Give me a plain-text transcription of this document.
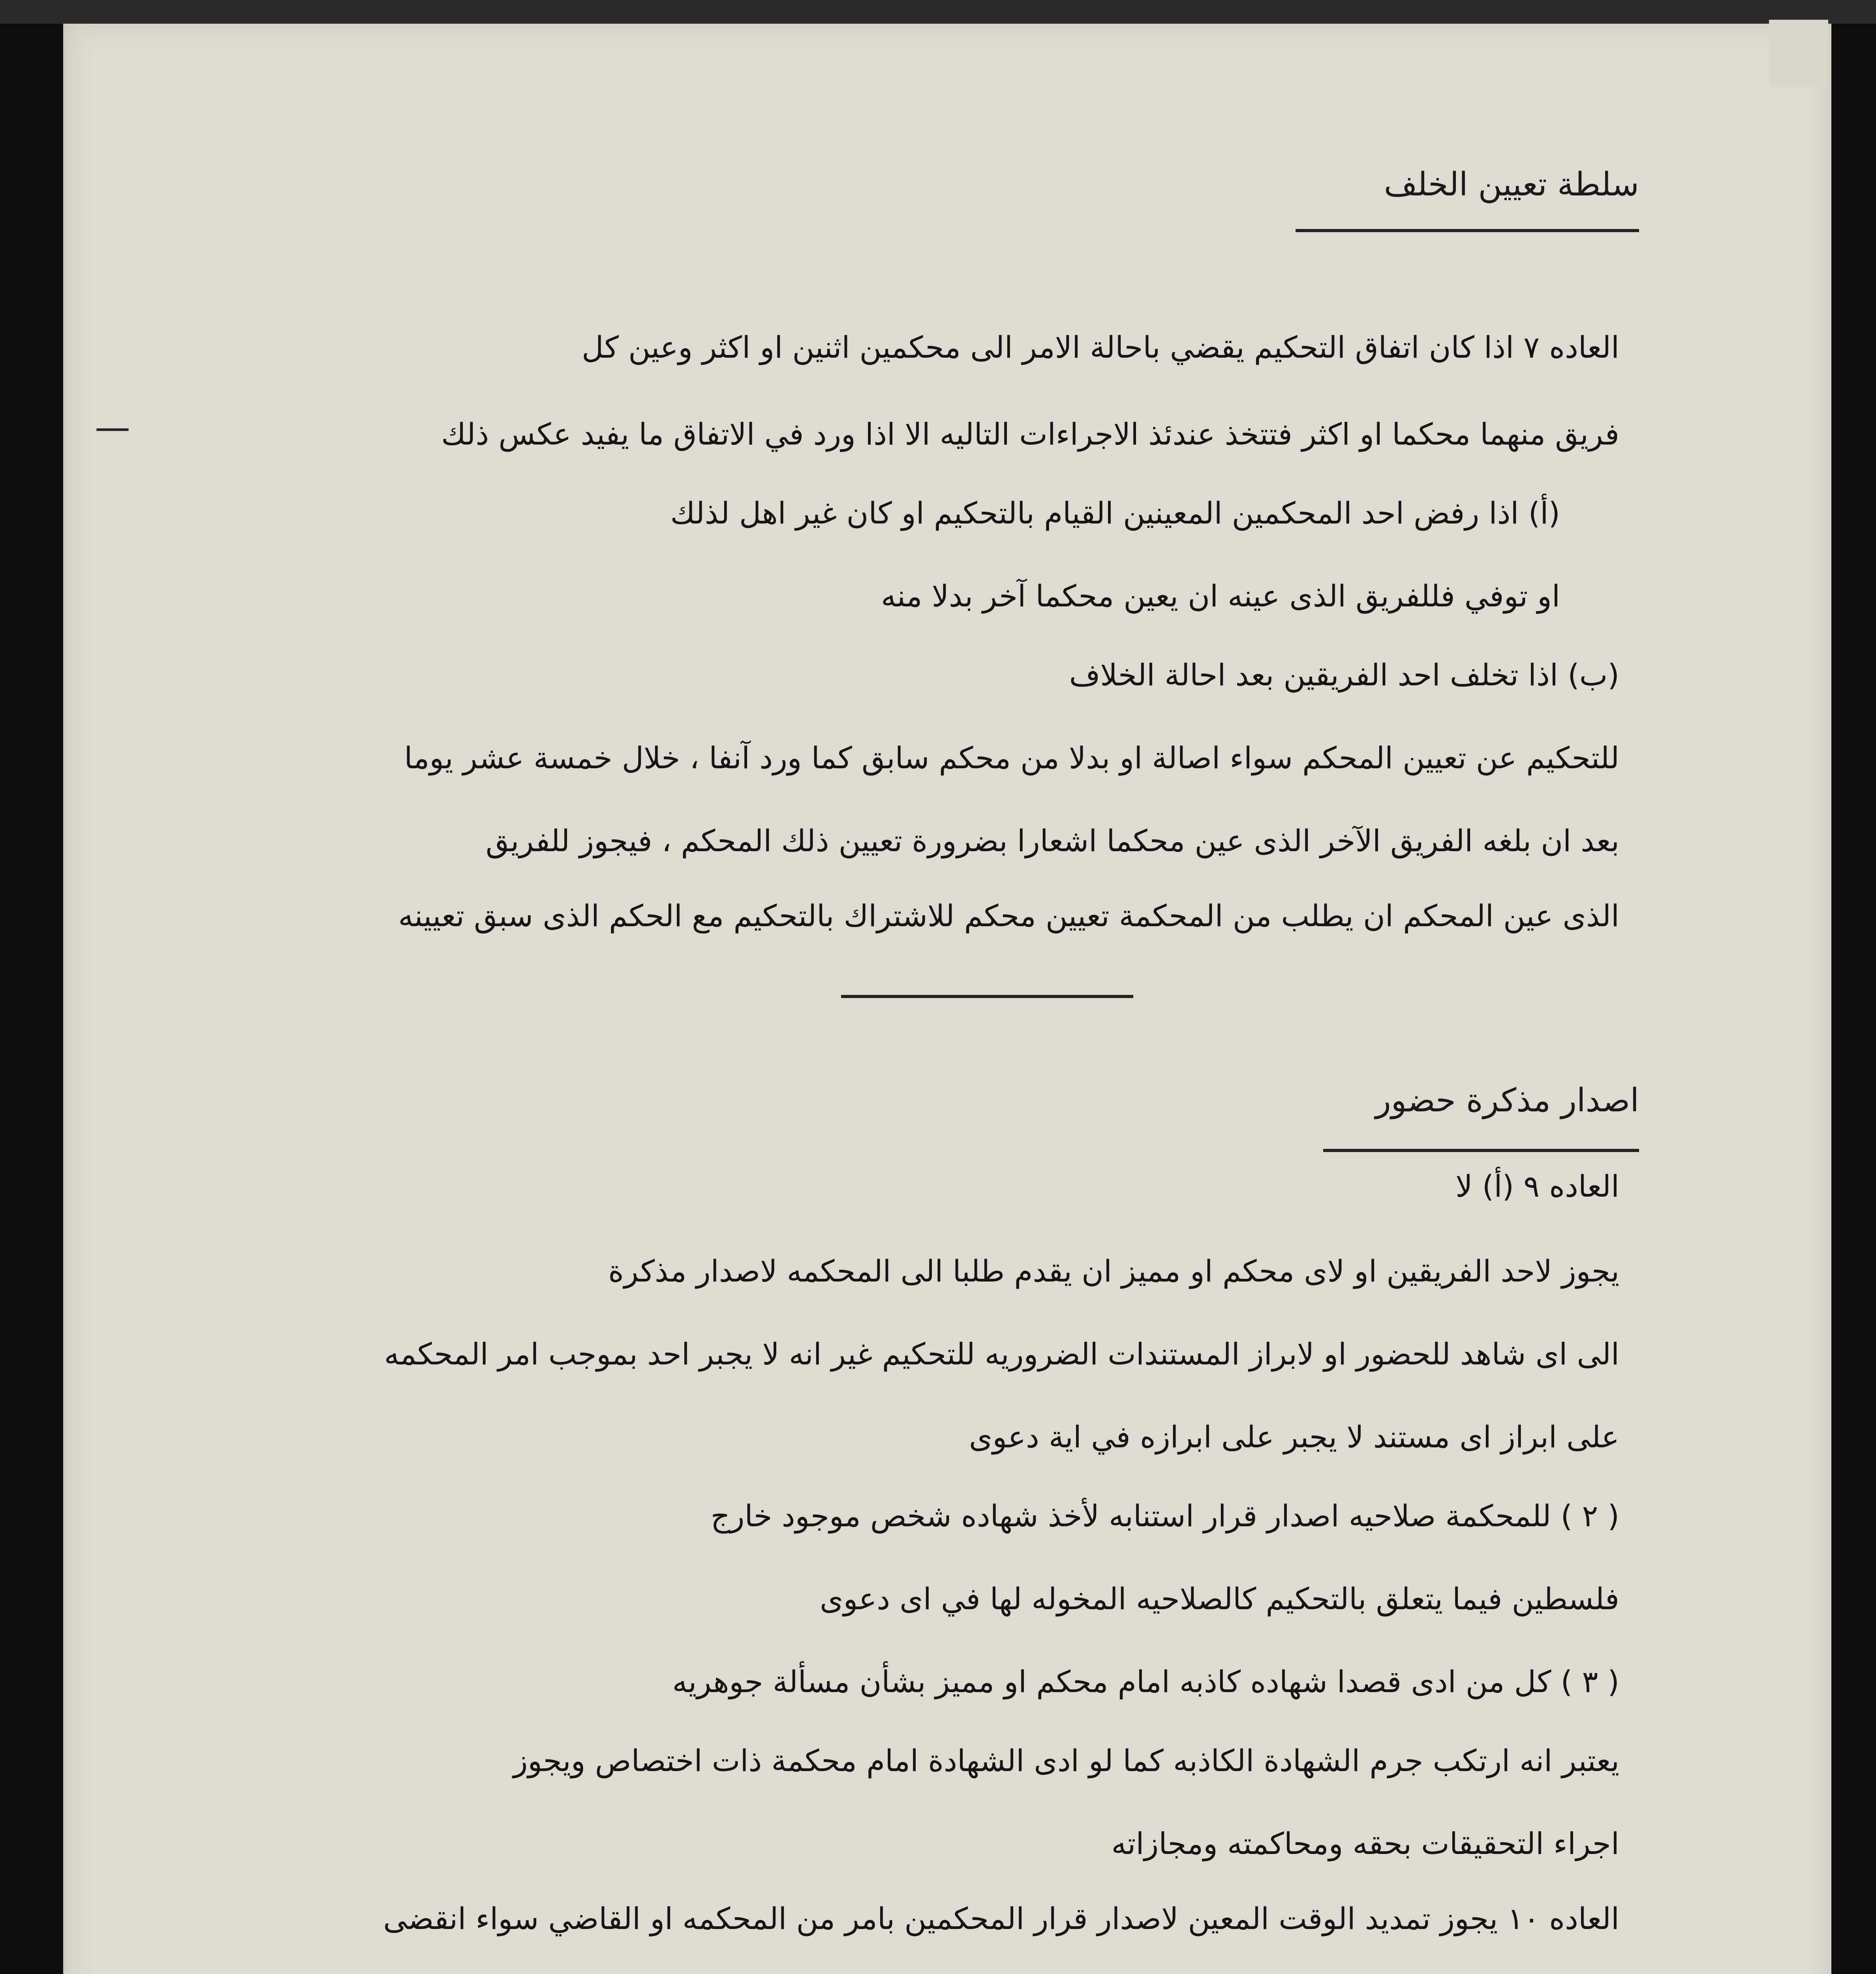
سلطة تعيين الخلف
العاده ٧ اذا كان اتفاق التحكيم يقضي باحالة الامر الى محكمين اثنين او اكثر وعين كل
فريق منهما محكما او اكثر فتتخذ عندئذ الاجراءات التاليه الا اذا ورد في الاتفاق ما يفيد عكس ذلك
—
(أ) اذا رفض احد المحكمين المعينين القيام بالتحكيم او كان غير اهل لذلك
او توفي فللفريق الذى عينه ان يعين محكما آخر بدلا منه
(ب) اذا تخلف احد الفريقين بعد احالة الخلاف
للتحكيم عن تعيين المحكم سواء اصالة او بدلا من محكم سابق كما ورد آنفا ، خلال خمسة عشر يوما
بعد ان بلغه الفريق الآخر الذى عين محكما اشعارا بضرورة تعيين ذلك المحكم ، فيجوز للفريق
الذى عين المحكم ان يطلب من المحكمة تعيين محكم للاشتراك بالتحكيم مع الحكم الذى سبق تعيينه
اصدار مذكرة حضور
العاده ٩ (أ) لا
يجوز لاحد الفريقين او لاى محكم او مميز ان يقدم طلبا الى المحكمه لاصدار مذكرة
الى اى شاهد للحضور او لابراز المستندات الضروريه للتحكيم غير انه لا يجبر احد بموجب امر المحكمه
على ابراز اى مستند لا يجبر على ابرازه في اية دعوى
( ٢ ) للمحكمة صلاحيه اصدار قرار استنابه لأخذ شهاده شخص موجود خارج
فلسطين فيما يتعلق بالتحكيم كالصلاحيه المخوله لها في اى دعوى
( ٣ ) كل من ادى قصدا شهاده كاذبه امام محكم او مميز بشأن مسألة جوهريه
يعتبر انه ارتكب جرم الشهادة الكاذبه كما لو ادى الشهادة امام محكمة ذات اختصاص ويجوز
اجراء التحقيقات بحقه ومحاكمته ومجازاته
العاده ١٠ يجوز تمديد الوقت المعين لاصدار قرار المحكمين بامر من المحكمه او القاضي سواء انقضى
